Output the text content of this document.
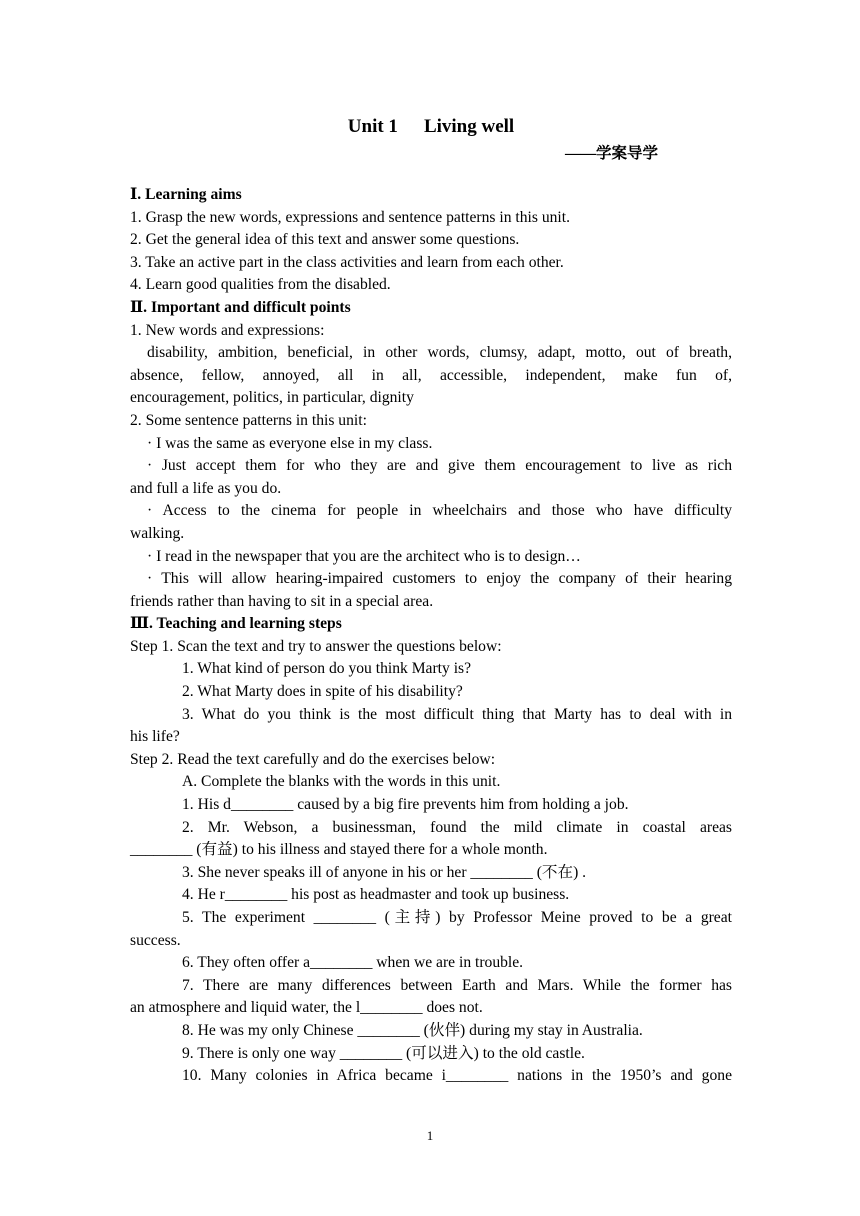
Unit 1 Living well
——学案导学

Ⅰ. Learning aims

1. Grasp the new words, expressions and sentence patterns in this unit.

2. Get the general idea of this text and answer some questions.

3. Take an active part in the class activities and learn from each other.

4. Learn good qualities from the disabled.

Ⅱ. Important and difficult points

1. New words and expressions:

disability, ambition, beneficial, in other words, clumsy, adapt, motto, out of breath,

absence, fellow, annoyed, all in all, accessible, independent, make fun of,

encouragement, politics, in particular, dignity

2. Some sentence patterns in this unit:

· I was the same as everyone else in my class.

· Just accept them for who they are and give them encouragement to live as rich

and full a life as you do.

· Access to the cinema for people in wheelchairs and those who have difficulty

walking.

· I read in the newspaper that you are the architect who is to design…

· This will allow hearing-impaired customers to enjoy the company of their hearing

friends rather than having to sit in a special area.

Ⅲ. Teaching and learning steps

Step 1. Scan the text and try to answer the questions below:

1. What kind of person do you think Marty is?

2. What Marty does in spite of his disability?

3. What do you think is the most difficult thing that Marty has to deal with in

his life?

Step 2. Read the text carefully and do the exercises below:

A. Complete the blanks with the words in this unit.

1. His d________ caused by a big fire prevents him from holding a job.

2. Mr. Webson, a businessman, found the mild climate in coastal areas

________ (有益) to his illness and stayed there for a whole month.

3. She never speaks ill of anyone in his or her ________ (不在) .

4. He r________ his post as headmaster and took up business.

5. The experiment ________ (主持) by Professor Meine proved to be a great

success.

6. They often offer a________ when we are in trouble.

7. There are many differences between Earth and Mars. While the former has

an atmosphere and liquid water, the l________ does not.

8. He was my only Chinese ________ (伙伴) during my stay in Australia.

9. There is only one way ________ (可以进入) to the old castle.

10. Many colonies in Africa became i________ nations in the 1950’s and gone

1
